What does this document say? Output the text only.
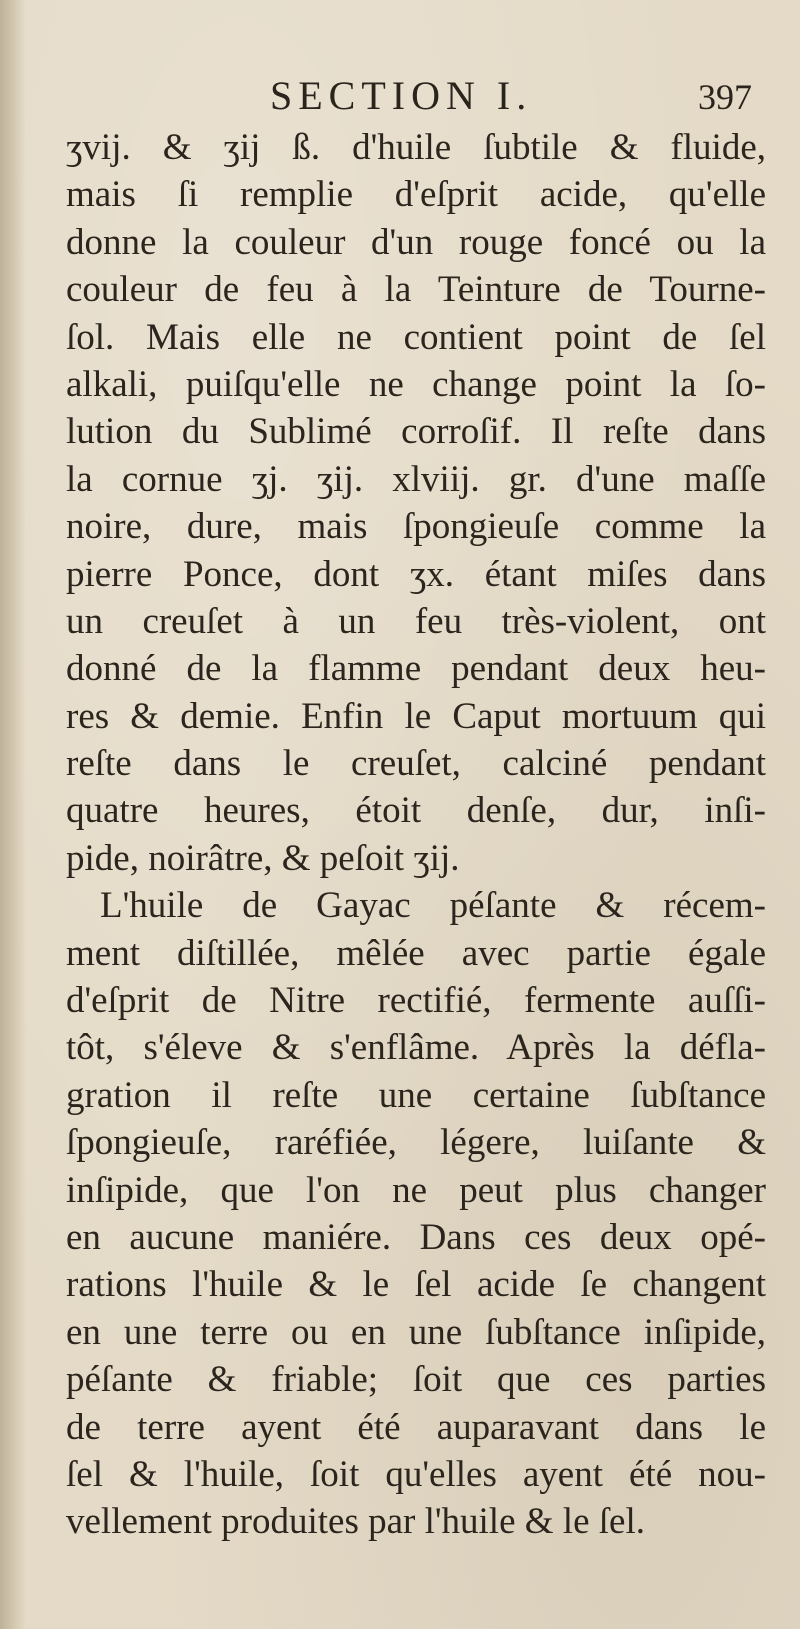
SECTION I.	397
ʒvij. & ʒij ß. d'huile ſubtile & fluide,
mais ſi remplie d'eſprit acide, qu'elle
donne la couleur d'un rouge foncé ou la
couleur de feu à la Teinture de Tourne-
ſol. Mais elle ne contient point de ſel
alkali, puiſqu'elle ne change point la ſo-
lution du Sublimé corroſif. Il reſte dans
la cornue ʒj. ʒij. xlviij. gr. d'une maſſe
noire, dure, mais ſpongieuſe comme la
pierre Ponce, dont ʒx. étant miſes dans
un creuſet à un feu très-violent, ont
donné de la flamme pendant deux heu-
res & demie. Enfin le Caput mortuum qui
reſte dans le creuſet, calciné pendant
quatre heures, étoit denſe, dur, inſi-
pide, noirâtre, & peſoit ʒij.
L'huile de Gayac péſante & récem-
ment diſtillée, mêlée avec partie égale
d'eſprit de Nitre rectifié, fermente auſſi-
tôt, s'éleve & s'enflâme. Après la défla-
gration il reſte une certaine ſubſtance
ſpongieuſe, raréfiée, légere, luiſante &
inſipide, que l'on ne peut plus changer
en aucune maniére. Dans ces deux opé-
rations l'huile & le ſel acide ſe changent
en une terre ou en une ſubſtance inſipide,
péſante & friable; ſoit que ces parties
de terre ayent été auparavant dans le
ſel & l'huile, ſoit qu'elles ayent été nou-
vellement produites par l'huile & le ſel.
